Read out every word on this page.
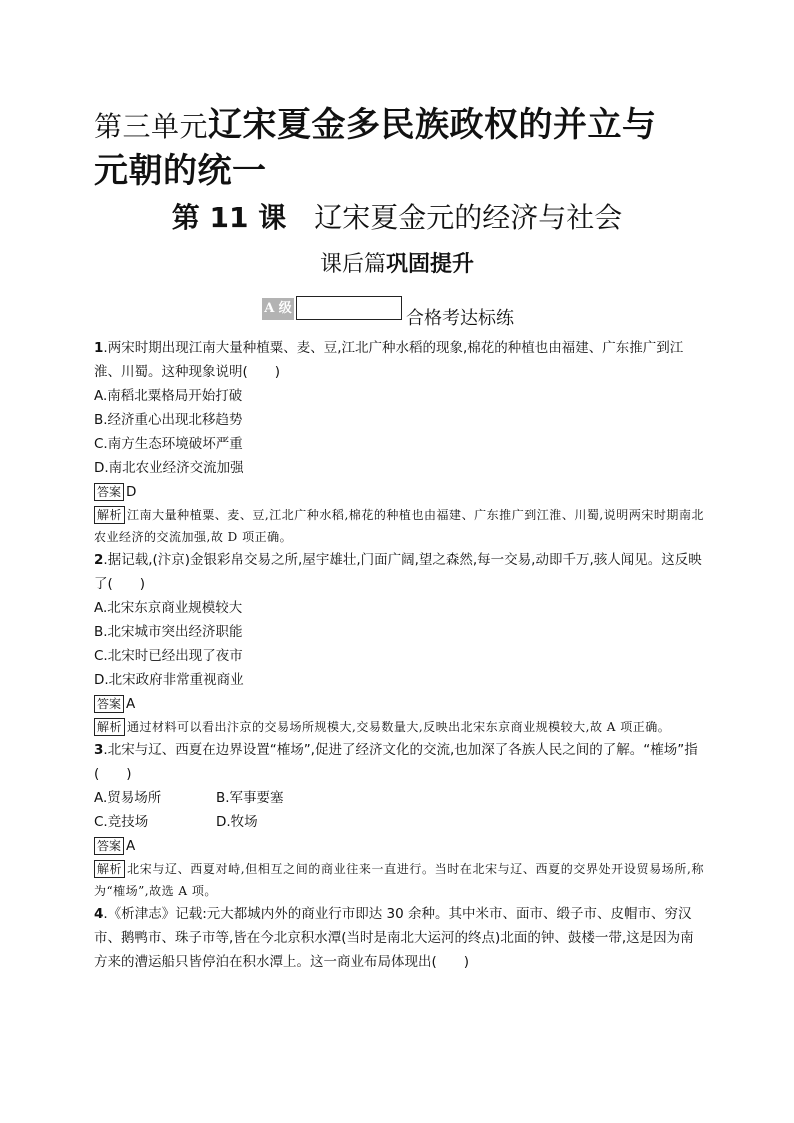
第三单元辽宋夏金多民族政权的并立与
元朝的统一
第 11 课 辽宋夏金元的经济与社会
课后篇巩固提升
A 级	合格考达标练

1.两宋时期出现江南大量种植粟、麦、豆,江北广种水稻的现象,棉花的种植也由福建、广东推广到江淮、川蜀。这种现象说明(　　)

A.南稻北粟格局开始打破

B.经济重心出现北移趋势

C.南方生态环境破坏严重

D.南北农业经济交流加强

答案 D

解析 江南大量种植粟、麦、豆,江北广种水稻,棉花的种植也由福建、广东推广到江淮、川蜀,说明两宋时期南北农业经济的交流加强,故 D 项正确。

2.据记载,(汴京)金银彩帛交易之所,屋宇雄壮,门面广阔,望之森然,每一交易,动即千万,骇人闻见。这反映了(　　)

A.北宋东京商业规模较大

B.北宋城市突出经济职能

C.北宋时已经出现了夜市

D.北宋政府非常重视商业

答案 A

解析 通过材料可以看出汴京的交易场所规模大,交易数量大,反映出北宋东京商业规模较大,故 A 项正确。

3.北宋与辽、西夏在边界设置“榷场”,促进了经济文化的交流,也加深了各族人民之间的了解。“榷场”指(　　)

A.贸易场所	B.军事要塞

C.竞技场	D.牧场

答案 A

解析 北宋与辽、西夏对峙,但相互之间的商业往来一直进行。当时在北宋与辽、西夏的交界处开设贸易场所,称为“榷场”,故选 A 项。

4.《析津志》记载:元大都城内外的商业行市即达 30 余种。其中米市、面市、缎子市、皮帽市、穷汉市、鹅鸭市、珠子市等,皆在今北京积水潭(当时是南北大运河的终点)北面的钟、鼓楼一带,这是因为南方来的漕运船只皆停泊在积水潭上。这一商业布局体现出(　　)
